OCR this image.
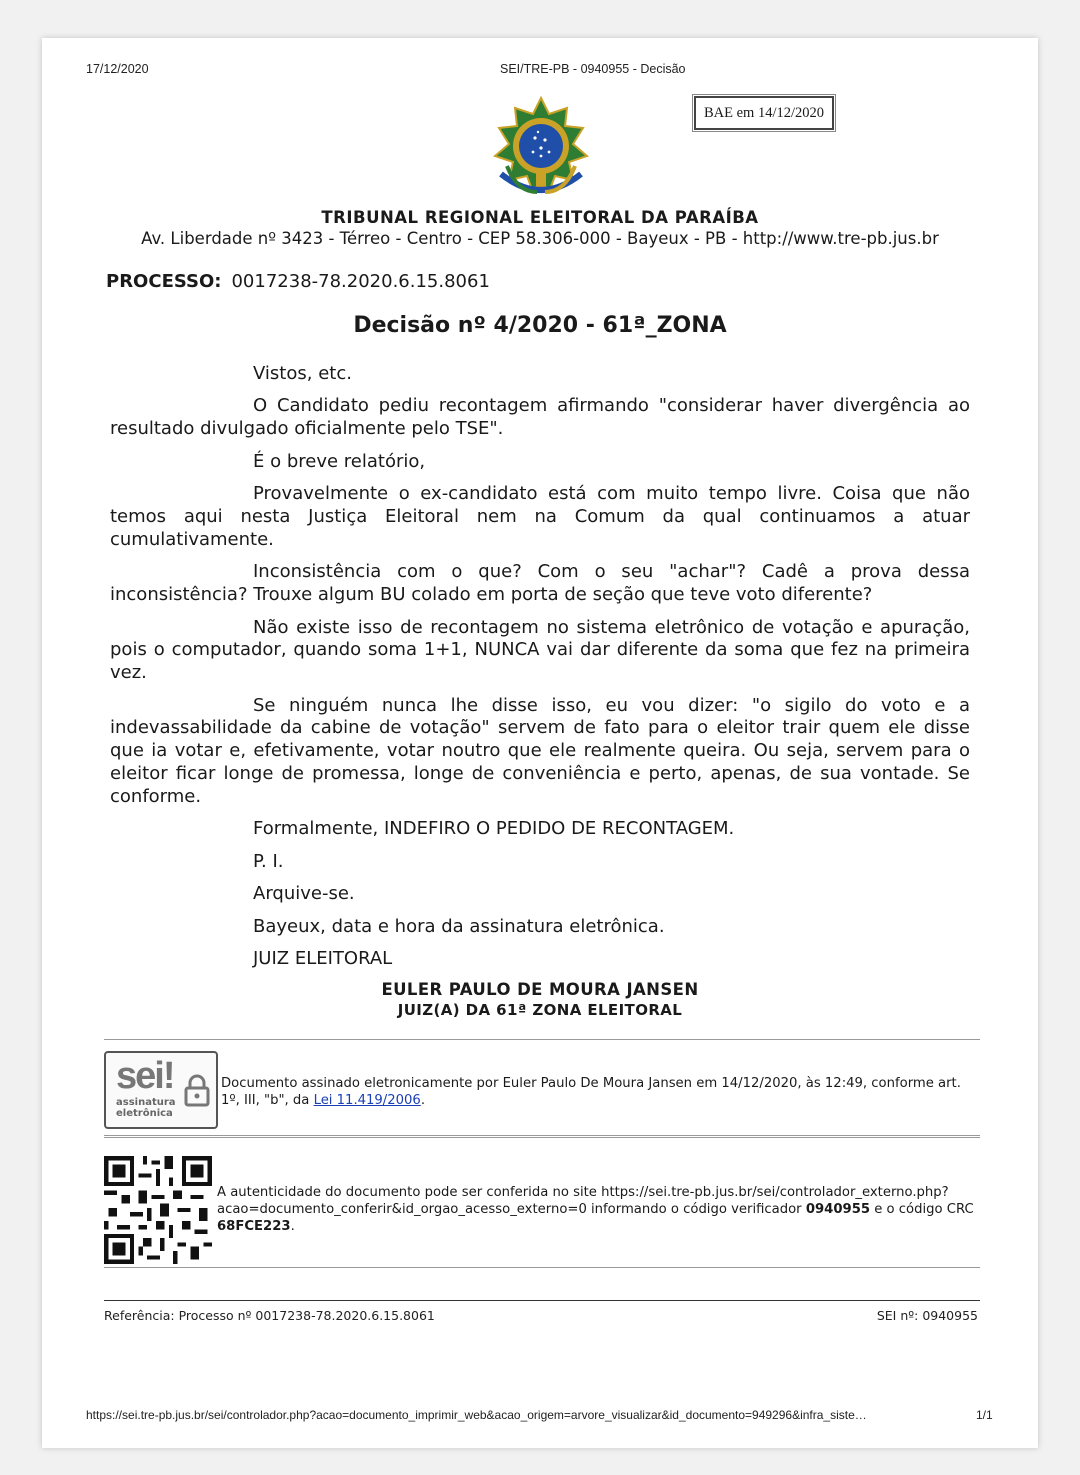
17/12/2020	SEI/TRE-PB - 0940955 - Decisão
BAE em 14/12/2020
TRIBUNAL REGIONAL ELEITORAL DA PARAÍBA
Av. Liberdade nº 3423 - Térreo - Centro - CEP 58.306-000 - Bayeux - PB - http://www.tre-pb.jus.br
PROCESSO: 0017238-78.2020.6.15.8061
Decisão nº 4/2020 - 61ª_ZONA

Vistos, etc.

O Candidato pediu recontagem afirmando "considerar haver divergência ao resultado divulgado oficialmente pelo TSE".

É o breve relatório,

Provavelmente o ex-candidato está com muito tempo livre. Coisa que não temos aqui nesta Justiça Eleitoral nem na Comum da qual continuamos a atuar cumulativamente.

Inconsistência com o que? Com o seu "achar"? Cadê a prova dessa inconsistência? Trouxe algum BU colado em porta de seção que teve voto diferente?

Não existe isso de recontagem no sistema eletrônico de votação e apuração, pois o computador, quando soma 1+1, NUNCA vai dar diferente da soma que fez na primeira vez.

Se ninguém nunca lhe disse isso, eu vou dizer: "o sigilo do voto e a indevassabilidade da cabine de votação" servem de fato para o eleitor trair quem ele disse que ia votar e, efetivamente, votar noutro que ele realmente queira. Ou seja, servem para o eleitor ficar longe de promessa, longe de conveniência e perto, apenas, de sua vontade. Se conforme.

Formalmente, INDEFIRO O PEDIDO DE RECONTAGEM.

P. I.

Arquive-se.

Bayeux, data e hora da assinatura eletrônica.

JUIZ ELEITORAL

EULER PAULO DE MOURA JANSEN
JUIZ(A) DA 61ª ZONA ELEITORAL
sei!
assinatura
eletrônica
Documento assinado eletronicamente por Euler Paulo De Moura Jansen em 14/12/2020, às 12:49, conforme art. 1º, III, "b", da Lei 11.419/2006.
A autenticidade do documento pode ser conferida no site https://sei.tre-pb.jus.br/sei/controlador_externo.php?acao=documento_conferir&id_orgao_acesso_externo=0 informando o código verificador 0940955 e o código CRC 68FCE223.
Referência: Processo nº 0017238-78.2020.6.15.8061	SEI nº: 0940955
https://sei.tre-pb.jus.br/sei/controlador.php?acao=documento_imprimir_web&acao_origem=arvore_visualizar&id_documento=949296&infra_siste…	1/1
